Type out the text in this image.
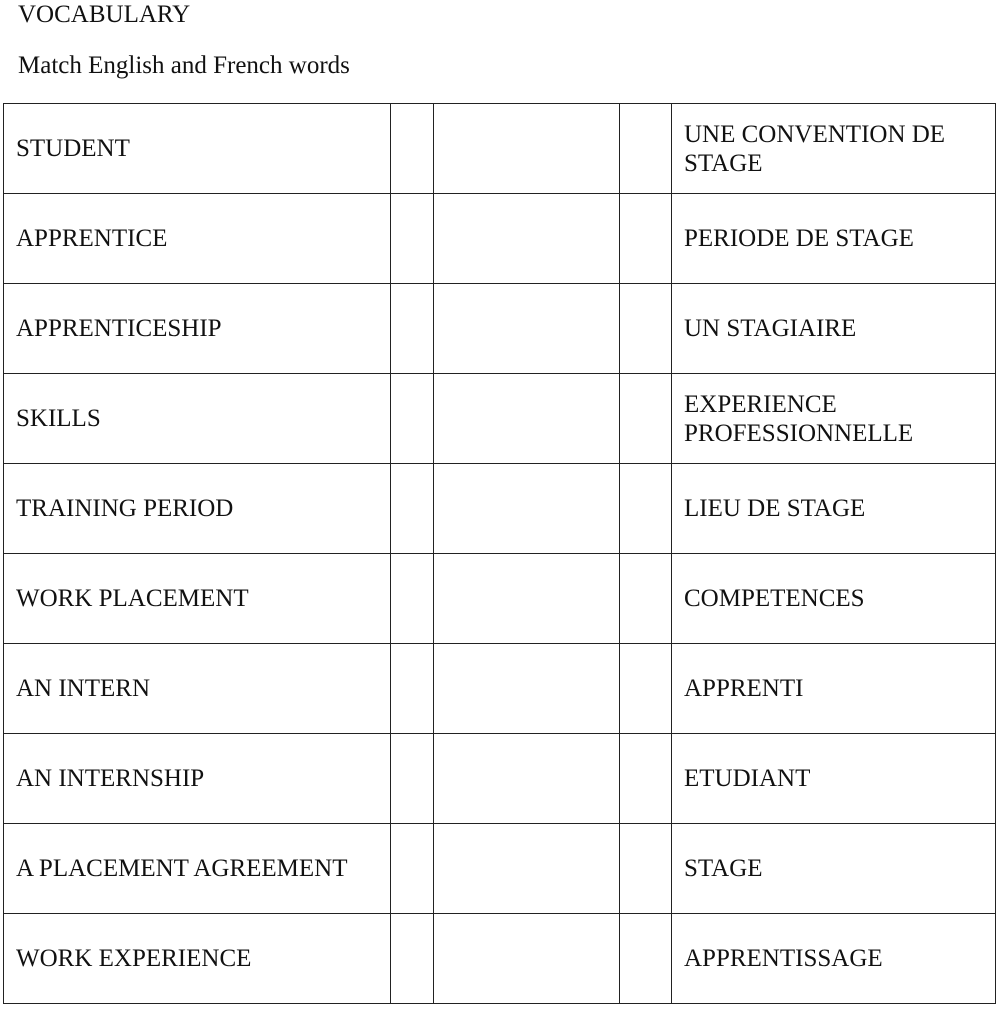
VOCABULARY
Match English and French words
STUDENT				UNE CONVENTION DE STAGE
APPRENTICE				PERIODE DE STAGE
APPRENTICESHIP				UN STAGIAIRE
SKILLS				EXPERIENCE PROFESSIONNELLE
TRAINING PERIOD				LIEU DE STAGE
WORK PLACEMENT				COMPETENCES
AN INTERN				APPRENTI
AN INTERNSHIP				ETUDIANT
A PLACEMENT AGREEMENT				STAGE
WORK EXPERIENCE				APPRENTISSAGE
